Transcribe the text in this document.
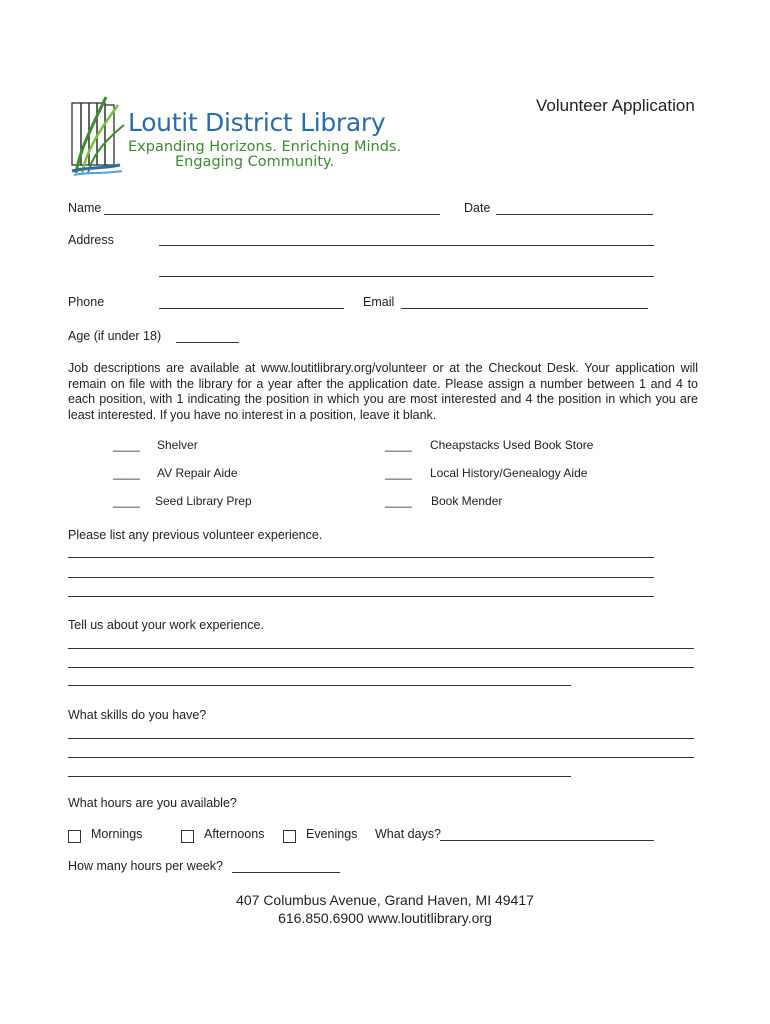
Loutit District Library
Expanding Horizons. Enriching Minds.
Engaging Community.
Volunteer Application
Name	Date
Address
Phone	Email
Age (if under 18)
Job descriptions are available at www.loutitlibrary.org/volunteer or at the Checkout Desk. Your application will remain on file with the library for a year after the application date. Please assign a number between 1 and 4 to each position, with 1 indicating the position in which you are most interested and 4 the position in which you are least interested. If you have no interest in a position, leave it blank.
____ Shelver	____ Cheapstacks Used Book Store
____ AV Repair Aide	____ Local History/Genealogy Aide
____ Seed Library Prep	____ Book Mender
Please list any previous volunteer experience.
Tell us about your work experience.
What skills do you have?
What hours are you available?
Mornings	Afternoons	Evenings What days?
How many hours per week?
407 Columbus Avenue, Grand Haven, MI 49417
616.850.6900 www.loutitlibrary.org
